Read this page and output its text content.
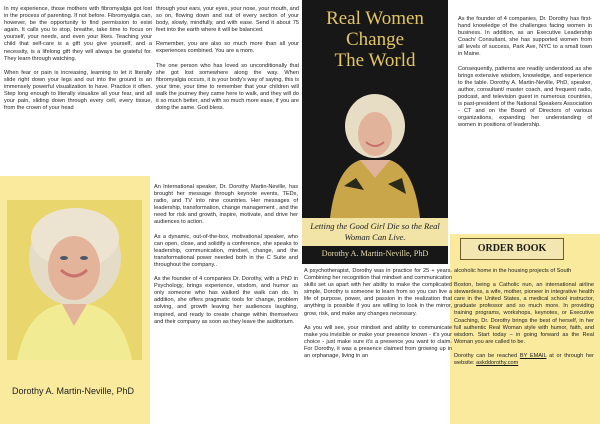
In my experience, those mothers with fibromyalgia got lost in the process of parenting. If not before. Fibromyalgia can, however, be the opportunity to find permission to exist again. It calls you to stop, breathe, take time to focus on yourself, your needs, and even your likes. Teaching your child that self-care is a gift you give yourself, and a necessity, is a lifelong gift they will always be grateful for. They learn through watching.

When fear or pain is increasing, learning to let it literally slide right down your legs and out into the ground is an immensely powerful visualization to have. Practice it often. Step long enough to literally visualize all your fear, and all your pain, sliding down through every cell, every tissue, from the crown of your head

through your ears, your eyes, your nose, your mouth, and so on, flowing down and out of every section of your body, slowly, mindfully, and with ease. Send it about 75 feet into the earth where it will be balanced.

Remember, you are also so much more than all your experiences combined. You are a mom.

The one person who has loved so unconditionally that she got lost somewhere along the way. When fibromyalgia occurs, it is your body's way of saying, this is your time, your time to remember that your children will walk the journey they came here to walk, and they will do it so much better, and with so much more ease, if you are doing the same. God bless.

Dorothy A. Martin-Neville, PhD

An International speaker, Dr. Dorothy Martin-Neville, has brought her message through keynote events, TEDx, radio, and TV into nine countries. Her messages of leadership, transformation, change management , and the need for risk and growth, inspire, motivate, and drive her audiences to action.

As a dynamic, out-of-the-box, motivational speaker, who can open, close, and solidify a conference, she speaks to leadership, communication, mindset, change, and the transformational power needed both in the C Suite and throughout the company..

As the founder of 4 companies Dr. Dorothy, with a PhD in Psychology, brings experience, wisdom, and humor as only someone who has walked the walk can do. In addition, she offers pragmatic tools for change, problem solving, and growth leaving her audiences laughing, inspired, and ready to create change within themselves and their company as soon as they leave the auditorium.

Real Women
Change
The World
Letting the Good Girl Die so the Real Woman Can Live.
Dorothy A. Martin-Neville, PhD

As the founder of 4 companies, Dr. Dorothy has first-hand knowledge of the challenges facing women in business. In addition, as an Executive Leadership Coach/ Consultant, she has supported women from all levels of success, Park Ave, NYC to a small town in Maine.

Consequently, patterns are readily understood as she brings extensive wisdom, knowledge, and experience to the table. Dorothy A. Martin-Neville, PhD, speaker, author, consultant/ master coach, and frequent radio, podcast, and television guest in numerous countries, is past-president of the National Speakers Association - CT and on the Board of Directors of various organizations, expanding her understanding of women in positions of leadership.

ORDER BOOK

A psychotherapist, Dorothy was in practice for 25 + years. Combining her recognition that mindset and communication skills set us apart with her ability to make the complicated simple, Dorothy is someone to learn from so you can live a life of purpose, power, and passion in the realization that anything is possible if you are willing to look in the mirror, grow, risk, and make any changes necessary.

As you will see, your mindset and ability to communicate make you invisible or make your presence known - it's your choice - just make sure it's a presence you want to claim. For Dorothy, it was a presence claimed from growing up in an orphanage, living in an

alcoholic home in the housing projects of South

Boston, being a Catholic nun, an international airline stewardess, a wife, mother, pioneer in integrative health care in the United States, a medical school instructor, graduate professor and so much more. In providing training programs, workshops, keynotes, or Executive Coaching, Dr. Dorothy brings the best of herself, in her full authentic Real Woman style with humor, faith, and wisdom. Start today – in going forward as the Real Woman you are called to be.

Dorothy can be reached BY EMAIL at or through her website: askddorothy.com
